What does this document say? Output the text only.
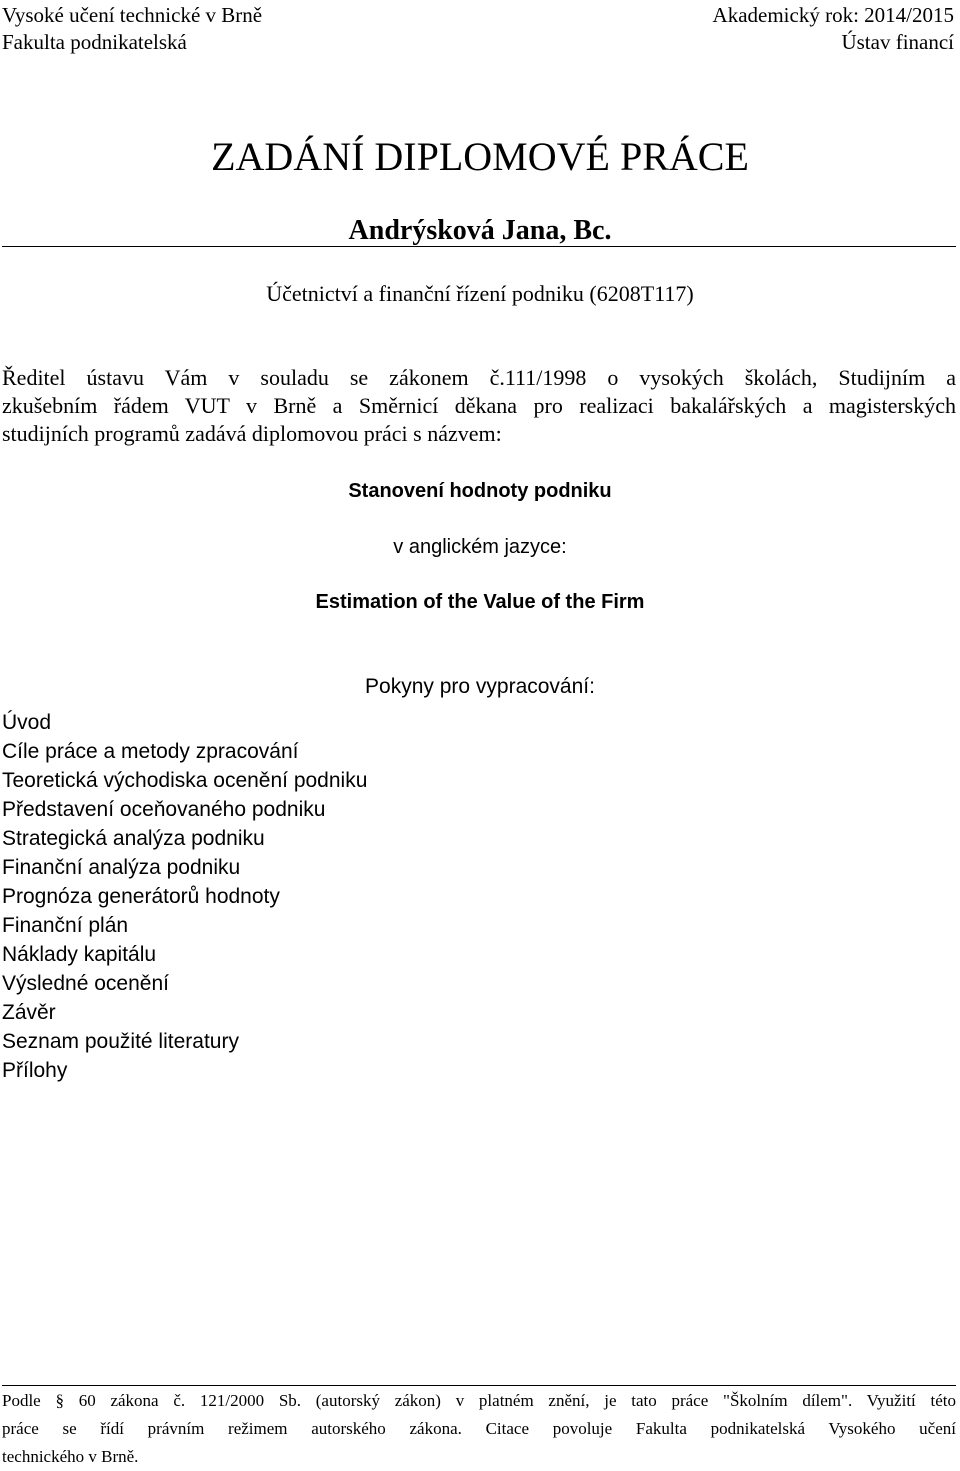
Vysoké učení technické v Brně
Fakulta podnikatelská
Akademický rok: 2014/2015
Ústav financí
ZADÁNÍ DIPLOMOVÉ PRÁCE
Andrýsková Jana, Bc.
Účetnictví a finanční řízení podniku (6208T117)
Ředitel ústavu Vám v souladu se zákonem č.111/1998 o vysokých školách, Studijním a
zkušebním řádem VUT v Brně a Směrnicí děkana pro realizaci bakalářských a magisterských
studijních programů zadává diplomovou práci s názvem:
Stanovení hodnoty podniku
v anglickém jazyce:
Estimation of the Value of the Firm
Pokyny pro vypracování:
Úvod
Cíle práce a metody zpracování
Teoretická východiska ocenění podniku
Představení oceňovaného podniku
Strategická analýza podniku
Finanční analýza podniku
Prognóza generátorů hodnoty
Finanční plán
Náklady kapitálu
Výsledné ocenění
Závěr
Seznam použité literatury
Přílohy
Podle § 60 zákona č. 121/2000 Sb. (autorský zákon) v platném znění, je tato práce "Školním dílem". Využití této
práce se řídí právním režimem autorského zákona. Citace povoluje Fakulta podnikatelská Vysokého učení
technického v Brně.
